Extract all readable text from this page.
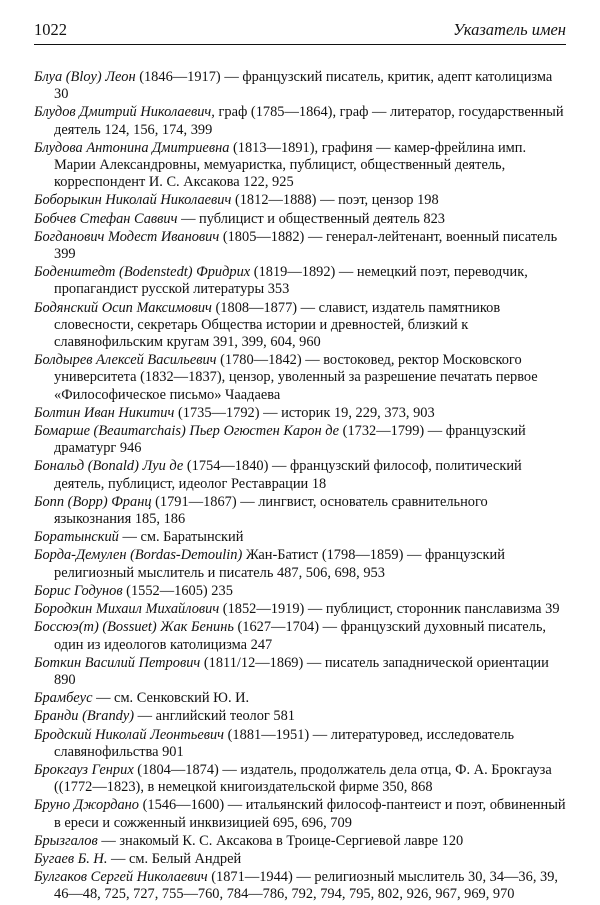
1022	Указатель имен

Блуа (Bloy) Леон (1846—1917) — французский писатель, критик, адепт католицизма 30

Блудов Дмитрий Николаевич, граф (1785—1864), граф — литератор, государственный деятель 124, 156, 174, 399

Блудова Антонина Дмитриевна (1813—1891), графиня — камер-фрейлина имп. Марии Александровны, мемуаристка, публицист, общественный деятель, корреспондент И. С. Аксакова 122, 925

Боборыкин Николай Николаевич (1812—1888) — поэт, цензор 198

Бобчев Стефан Саввич — публицист и общественный деятель 823

Богданович Модест Иванович (1805—1882) — генерал-лейтенант, военный писатель 399

Боденштедт (Bodenstedt) Фридрих (1819—1892) — немецкий поэт, переводчик, пропагандист русской литературы 353

Бодянский Осип Максимович (1808—1877) — славист, издатель памятников словесности, секретарь Общества истории и древностей, близкий к славянофильским кругам 391, 399, 604, 960

Болдырев Алексей Васильевич (1780—1842) — востоковед, ректор Московского университета (1832—1837), цензор, уволенный за разрешение печатать первое «Философическое письмо» Чаадаева

Болтин Иван Никитич (1735—1792) — историк 19, 229, 373, 903

Бомарше (Beaumarchais) Пьер Огюстен Карон де (1732—1799) — французский драматург 946

Бональд (Bonald) Луи де (1754—1840) — французский философ, политический деятель, публицист, идеолог Реставрации 18

Бопп (Bopp) Франц (1791—1867) — лингвист, основатель сравнительного языкознания 185, 186

Боратынский — см. Баратынский

Борда-Демулен (Bordas-Demoulin) Жан-Батист (1798—1859) — французский религиозный мыслитель и писатель 487, 506, 698, 953

Борис Годунов (1552—1605) 235

Бородкин Михаил Михайлович (1852—1919) — публицист, сторонник панславизма 39

Боссюэ(т) (Bossuet) Жак Бенинь (1627—1704) — французский духовный писатель, один из идеологов католицизма 247

Боткин Василий Петрович (1811/12—1869) — писатель западнической ориентации 890

Брамбеус — см. Сенковский Ю. И.

Бранди (Brandy) — английский теолог 581

Бродский Николай Леонтьевич (1881—1951) — литературовед, исследователь славянофильства 901

Брокгауз Генрих (1804—1874) — издатель, продолжатель дела отца, Ф. А. Брокгауза ((1772—1823), в немецкой книгоиздательской фирме 350, 868

Бруно Джордано (1546—1600) — итальянский философ-пантеист и поэт, обвиненный в ереси и сожженный инквизицией 695, 696, 709

Брызгалов — знакомый К. С. Аксакова в Троице-Сергиевой лавре 120

Бугаев Б. Н. — см. Белый Андрей

Булгаков Сергей Николаевич (1871—1944) — религиозный мыслитель 30, 34—36, 39, 46—48, 725, 727, 755—760, 784—786, 792, 794, 795, 802, 926, 967, 969, 970
